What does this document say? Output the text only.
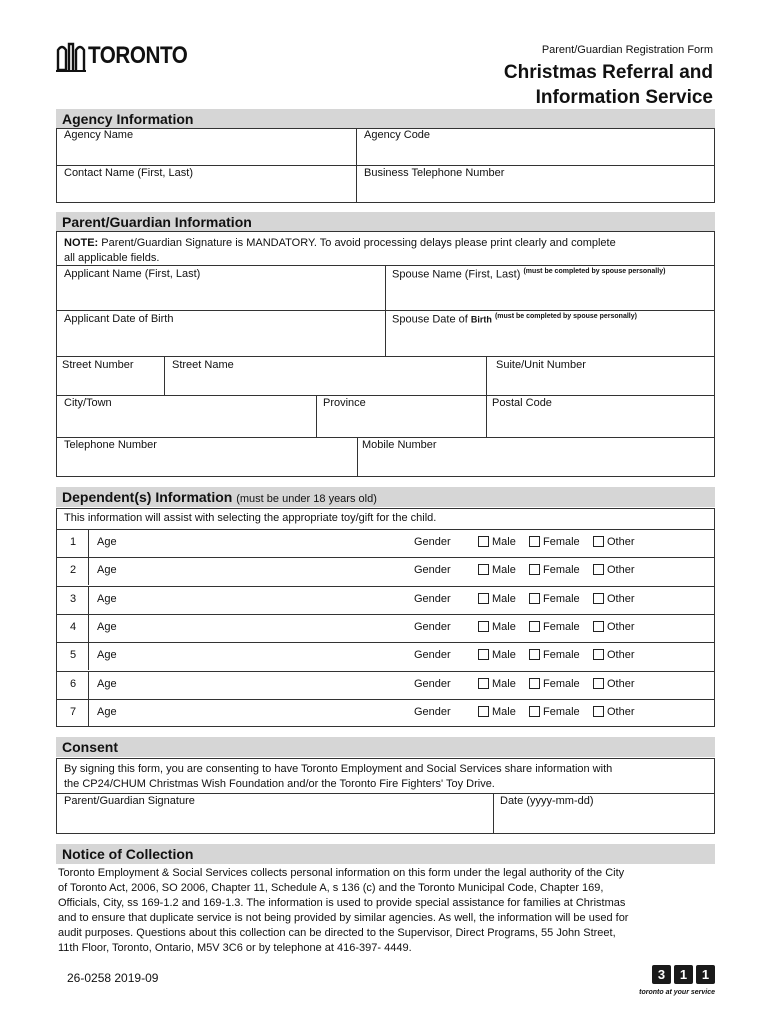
TORONTO	Parent/Guardian Registration Form
Christmas Referral and
Information Service
Agency Information
Agency Name	Agency Code
Contact Name (First, Last)	Business Telephone Number
Parent/Guardian Information
NOTE: Parent/Guardian Signature is MANDATORY. To avoid processing delays please print clearly and complete
all applicable fields.
Applicant Name (First, Last)	Spouse Name (First, Last) $^{(must be completed by spouse personally)}$
Applicant Date of Birth	Spouse Date of Birth $^{(must be completed by spouse personally)}$
Street Number	Street Name	Suite/Unit Number
City/Town	Province	Postal Code
Telephone Number	Mobile Number
Dependent(s) Information (must be under 18 years old)
This information will assist with selecting the appropriate toy/gift for the child.
1 Age	Gender	Male	Female	Other
2 Age	Gender	Male	Female	Other
3 Age	Gender	Male	Female	Other
4 Age	Gender	Male	Female	Other
5 Age	Gender	Male	Female	Other
6 Age	Gender	Male	Female	Other
7 Age	Gender	Male	Female	Other
Consent
By signing this form, you are consenting to have Toronto Employment and Social Services share information with
the CP24/CHUM Christmas Wish Foundation and/or the Toronto Fire Fighters' Toy Drive.
Parent/Guardian Signature	Date (yyyy-mm-dd)
Notice of Collection
Toronto Employment & Social Services collects personal information on this form under the legal authority of the City
of Toronto Act, 2006, SO 2006, Chapter 11, Schedule A, s 136 (c) and the Toronto Municipal Code, Chapter 169,
Officials, City, ss 169-1.2 and 169-1.3. The information is used to provide special assistance for families at Christmas
and to ensure that duplicate service is not being provided by similar agencies. As well, the information will be used for
audit purposes. Questions about this collection can be directed to the Supervisor, Direct Programs, 55 John Street,
11th Floor, Toronto, Ontario, M5V 3C6 or by telephone at 416-397- 4449.
26-0258 2019-09	3	1	1
toronto at your service
